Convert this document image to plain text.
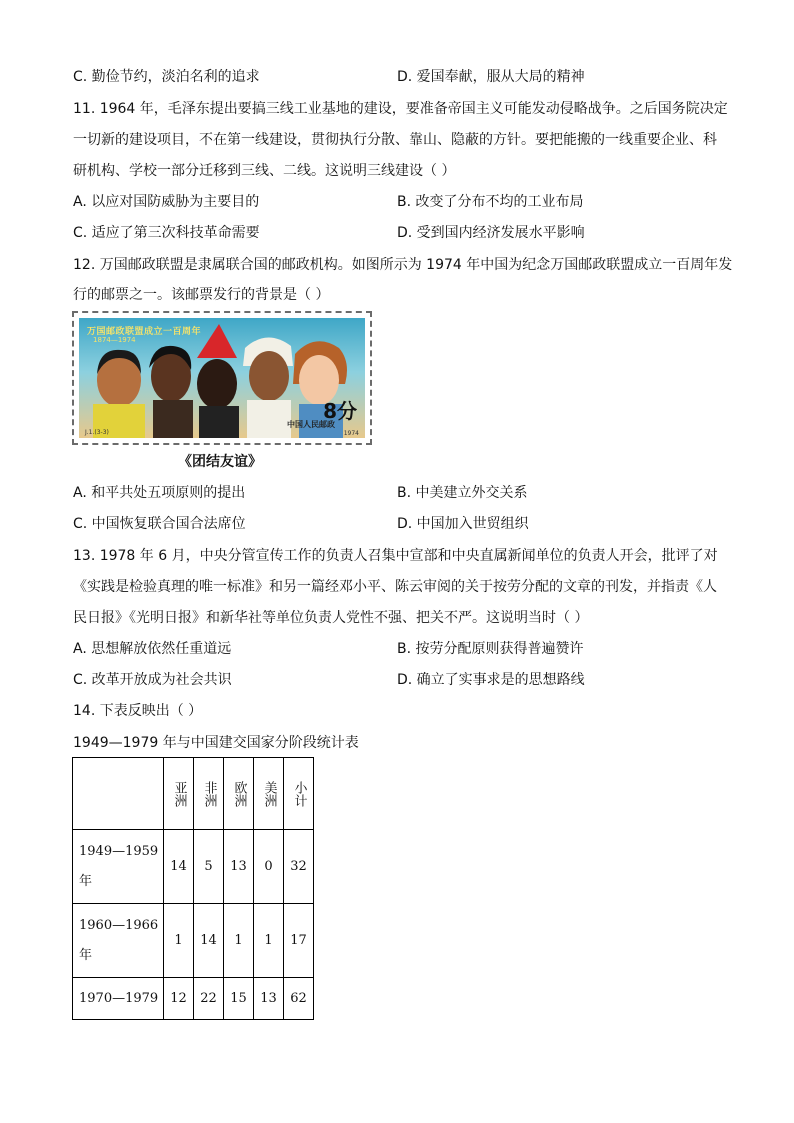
C. 勤俭节约，淡泊名利的追求	D. 爱国奉献，服从大局的精神
11. 1964 年，毛泽东提出要搞三线工业基地的建设，要准备帝国主义可能发动侵略战争。之后国务院决定
一切新的建设项目，不在第一线建设，贯彻执行分散、靠山、隐蔽的方针。要把能搬的一线重要企业、科
研机构、学校一部分迁移到三线、二线。这说明三线建设（ ）
A. 以应对国防威胁为主要目的	B. 改变了分布不均的工业布局
C. 适应了第三次科技革命需要	D. 受到国内经济发展水平影响
12. 万国邮政联盟是隶属联合国的邮政机构。如图所示为 1974 年中国为纪念万国邮政联盟成立一百周年发
行的邮票之一。该邮票发行的背景是（ ）
万国邮政联盟成立一百周年
1874—1974
中国人民邮政
8分
J.1.(3-3)	1974
《团结友谊》
A. 和平共处五项原则的提出	B. 中美建立外交关系
C. 中国恢复联合国合法席位	D. 中国加入世贸组织
13. 1978 年 6 月，中央分管宣传工作的负责人召集中宣部和中央直属新闻单位的负责人开会，批评了对
《实践是检验真理的唯一标准》和另一篇经邓小平、陈云审阅的关于按劳分配的文章的刊发，并指责《人
民日报》《光明日报》和新华社等单位负责人党性不强、把关不严。这说明当时（ ）
A. 思想解放依然任重道远	B. 按劳分配原则获得普遍赞许
C. 改革开放成为社会共识	D. 确立了实事求是的思想路线
14. 下表反映出（ ）
1949—1979 年与中国建交国家分阶段统计表
	亚洲	非洲	欧洲	美洲	小计
1949—1959年	14	5	13	0	32
1960—1966年	1	14	1	1	17
1970—1979	12	22	15	13	62
